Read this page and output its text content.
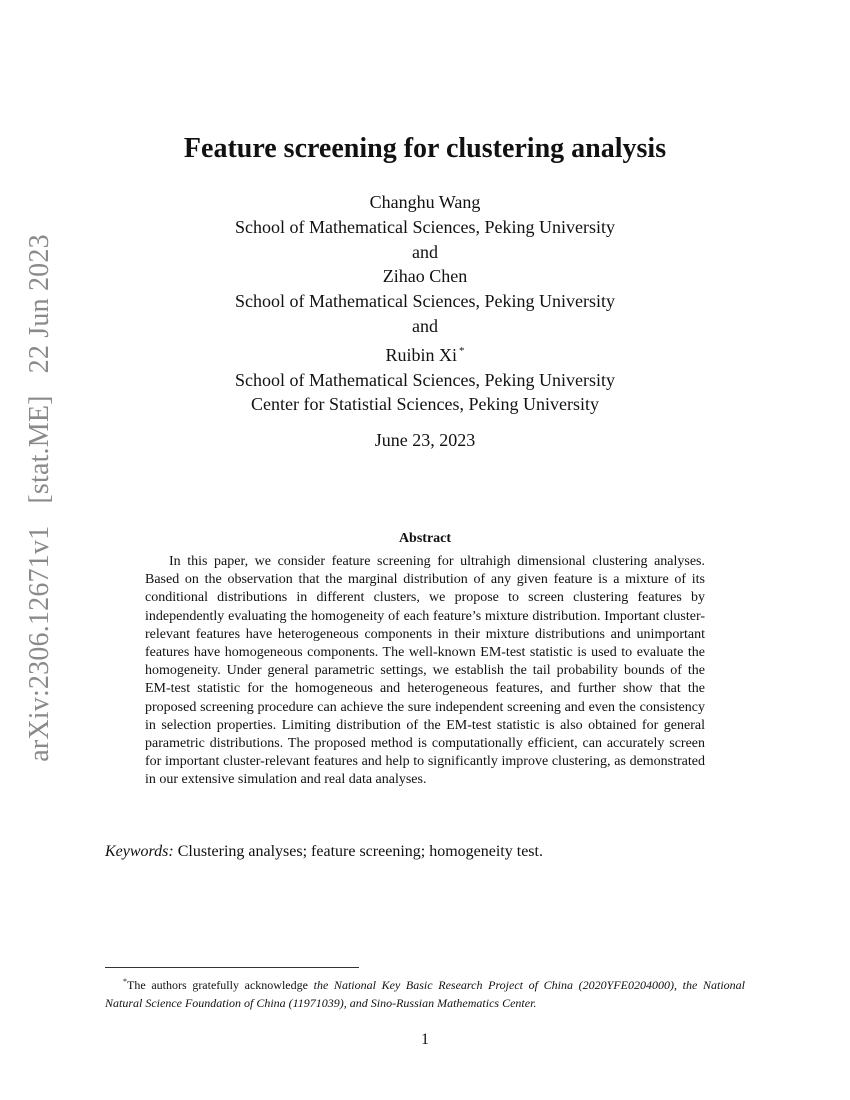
arXiv:2306.12671v1[stat.ME]22 Jun 2023
Feature screening for clustering analysis
Changhu Wang
School of Mathematical Sciences, Peking University
and
Zihao Chen
School of Mathematical Sciences, Peking University
and
Ruibin Xi *
School of Mathematical Sciences, Peking University
Center for Statistial Sciences, Peking University
June 23, 2023
Abstract
In this paper, we consider feature screening for ultrahigh dimensional clustering analyses. Based on the observation that the marginal distribution of any given feature is a mixture of its conditional distributions in different clusters, we propose to screen clustering features by independently evaluating the homogeneity of each feature’s mixture distribution. Important cluster-relevant features have heterogeneous components in their mixture distributions and unimportant features have homogeneous components. The well-known EM-test statistic is used to evaluate the homogeneity. Under general parametric settings, we establish the tail probability bounds of the EM-test statistic for the homogeneous and heterogeneous features, and further show that the proposed screening procedure can achieve the sure independent screening and even the consistency in selection properties. Limiting distribution of the EM-test statistic is also obtained for general parametric distributions. The proposed method is computationally efficient, can accurately screen for important cluster-relevant features and help to significantly improve clustering, as demonstrated in our extensive simulation and real data analyses.
Keywords: Clustering analyses; feature screening; homogeneity test.
*The authors gratefully acknowledge the National Key Basic Research Project of China (2020YFE0204000), the National Natural Science Foundation of China (11971039), and Sino-Russian Mathematics Center.
1
